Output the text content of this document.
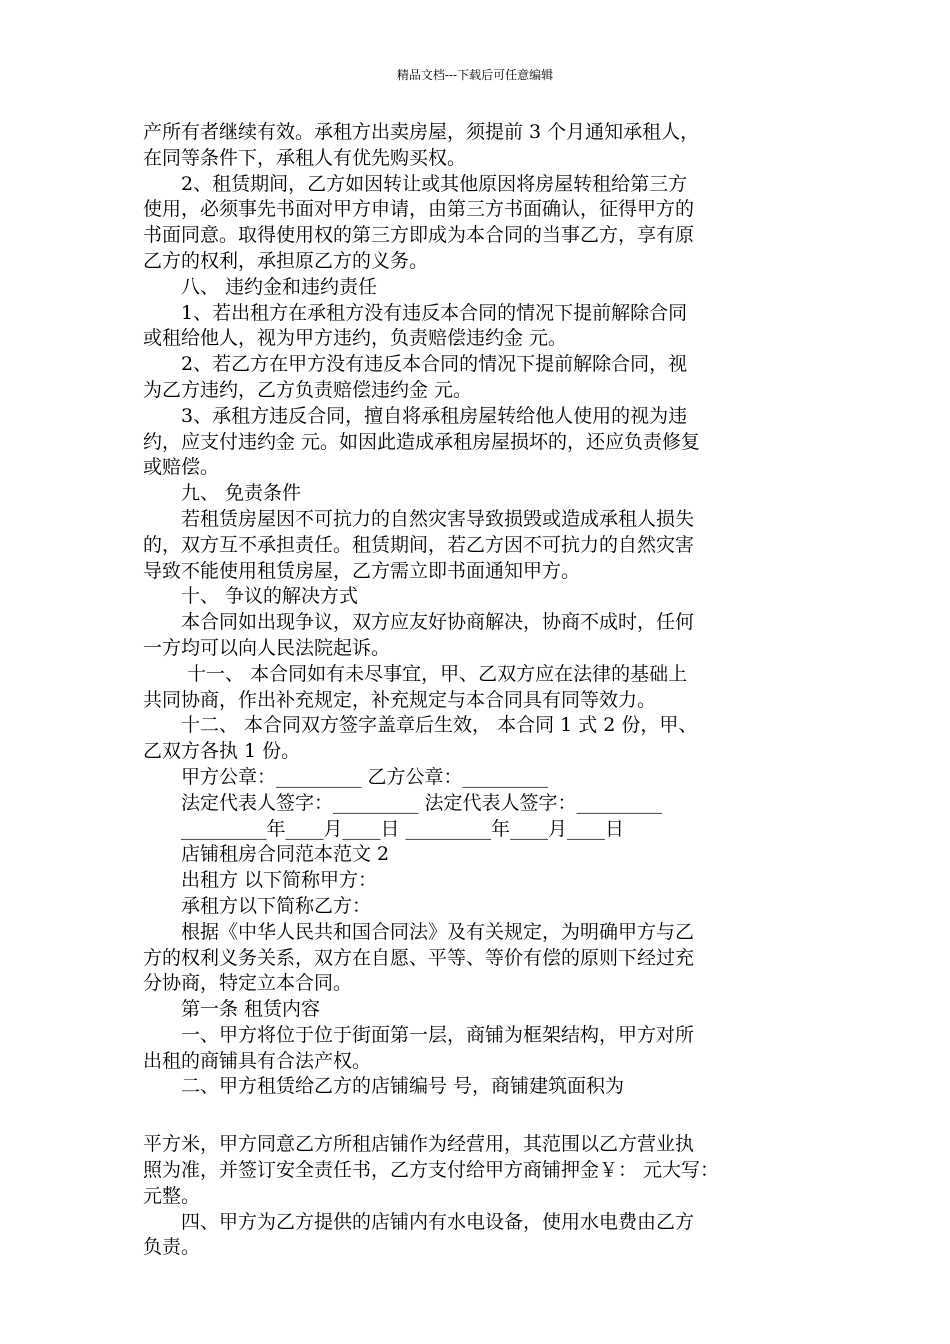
精品文档---下载后可任意编辑
产所有者继续有效。承租方出卖房屋，须提前 3 个月通知承租人，
在同等条件下，承租人有优先购买权。
　　2、租赁期间，乙方如因转让或其他原因将房屋转租给第三方
使用，必须事先书面对甲方申请，由第三方书面确认，征得甲方的
书面同意。取得使用权的第三方即成为本合同的当事乙方，享有原
乙方的权利，承担原乙方的义务。
　　八、 违约金和违约责任
　　1、若出租方在承租方没有违反本合同的情况下提前解除合同
或租给他人，视为甲方违约，负责赔偿违约金 元。
　　2、若乙方在甲方没有违反本合同的情况下提前解除合同，视
为乙方违约，乙方负责赔偿违约金 元。
　　3、承租方违反合同，擅自将承租房屋转给他人使用的视为违
约，应支付违约金 元。如因此造成承租房屋损坏的，还应负责修复
或赔偿。
　　九、 免责条件
　　若租赁房屋因不可抗力的自然灾害导致损毁或造成承租人损失
的，双方互不承担责任。租赁期间，若乙方因不可抗力的自然灾害
导致不能使用租赁房屋，乙方需立即书面通知甲方。
　　十、 争议的解决方式
　　本合同如出现争议，双方应友好协商解决，协商不成时，任何
一方均可以向人民法院起诉。
　　 十一、 本合同如有未尽事宜，甲、乙双方应在法律的基础上
共同协商，作出补充规定，补充规定与本合同具有同等效力。
　　十二、 本合同双方签字盖章后生效， 本合同 1 式 2 份，甲、
乙双方各执 1 份。
　　甲方公章：_________ 乙方公章：_________
　　法定代表人签字：_________ 法定代表人签字：_________
　　_________年____月____日 _________年____月____日
　　店铺租房合同范本范文 2
　　出租方 以下简称甲方：
　　承租方以下简称乙方：
　　根据《中华人民共和国合同法》及有关规定，为明确甲方与乙
方的权利义务关系，双方在自愿、平等、等价有偿的原则下经过充
分协商，特定立本合同。
　　第一条 租赁内容
　　一、甲方将位于位于街面第一层，商铺为框架结构，甲方对所
出租的商铺具有合法产权。
　　二、甲方租赁给乙方的店铺编号 号，商铺建筑面积为
平方米，甲方同意乙方所租店铺作为经营用，其范围以乙方营业执
照为准，并签订安全责任书，乙方支付给甲方商铺押金￥： 元大写：
元整。
　　四、甲方为乙方提供的店铺内有水电设备，使用水电费由乙方
负责。
